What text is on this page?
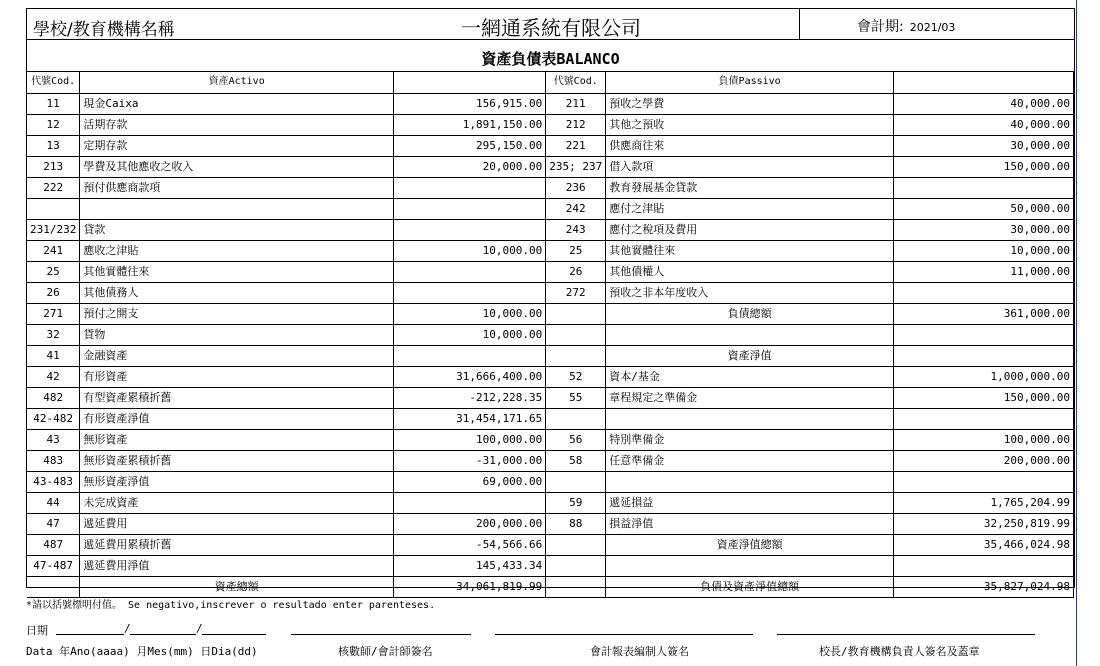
學校/教育機構名稱	一網通系統有限公司	會計期: 2021/03
資產負債表BALANCO
代號Cod.	資產Activo		代號Cod.	負債Passivo	
11	現金Caixa	156,915.00	211	預收之學費	40,000.00
12	活期存款	1,891,150.00	212	其他之預收	40,000.00
13	定期存款	295,150.00	221	供應商往來	30,000.00
213	學費及其他應收之收入	20,000.00	235; 237	借入款項	150,000.00
222	預付供應商款項		236	教育發展基金貸款	
			242	應付之津貼	50,000.00
231/232	貸款		243	應付之稅項及費用	30,000.00
241	應收之津貼	10,000.00	25	其他實體往來	10,000.00
25	其他實體往來		26	其他債權人	11,000.00
26	其他債務人		272	預收之非本年度收入	
271	預付之開支	10,000.00		負債總額	361,000.00
32	貨物	10,000.00			
41	金融資產			資產淨值	
42	有形資產	31,666,400.00	52	資本/基金	1,000,000.00
482	有型資產累積折舊	-212,228.35	55	章程規定之準備金	150,000.00
42-482	有形資產淨值	31,454,171.65			
43	無形資產	100,000.00	56	特別準備金	100,000.00
483	無形資產累積折舊	-31,000.00	58	任意準備金	200,000.00
43-483	無形資產淨值	69,000.00			
44	未完成資產		59	遞延損益	1,765,204.99
47	遞延費用	200,000.00	88	損益淨值	32,250,819.99
487	遞延費用累積折舊	-54,566.66		資產淨值總額	35,466,024.98
47-487	遞延費用淨值	145,433.34			
	資產總額	34,061,819.99		負債及資產淨值總額	35,827,024.98
*請以括號標明付值。 Se negativo,inscrever o resultado enter parenteses.
日期	/	/
Data 年Ano(aaaa) 月Mes(mm) 日Dia(dd)	核數師/會計師簽名	會計報表編制人簽名	校長/教育機構負責人簽名及蓋章
